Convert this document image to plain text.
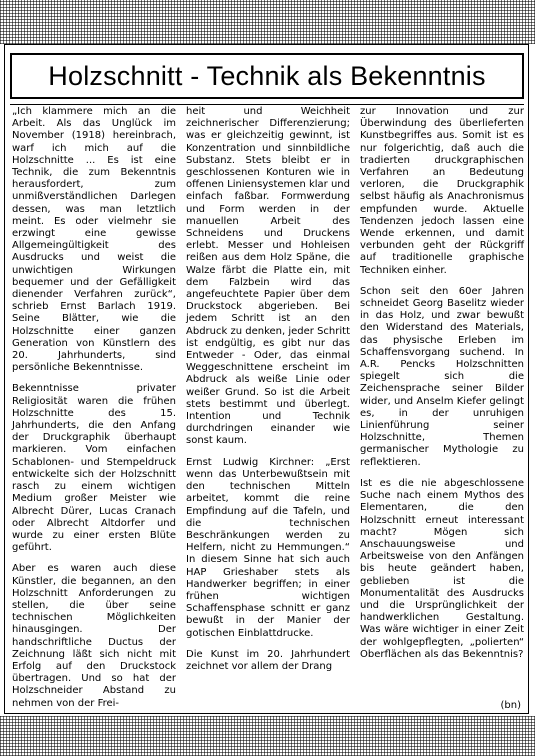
Holzschnitt - Technik als Bekenntnis

„Ich klammere mich an die Arbeit. Als das Unglück im November (1918) hereinbrach, warf ich mich auf die Holzschnitte ... Es ist eine Technik, die zum Bekenntnis herausfordert, zum unmißverständlichen Darlegen dessen, was man letztlich meint. Es oder vielmehr sie erzwingt eine gewisse Allgemeingültigkeit des Ausdrucks und weist die unwichtigen Wirkungen bequemer und der Gefälligkeit dienender Verfahren zurück“, schrieb Ernst Barlach 1919. Seine Blätter, wie die Holzschnitte einer ganzen Generation von Künstlern des 20. Jahrhunderts, sind persönliche Bekenntnisse.

Bekenntnisse privater Religiosität waren die frühen Holzschnitte des 15. Jahrhunderts, die den Anfang der Druckgraphik überhaupt markieren. Vom einfachen Schablonen- und Stempeldruck entwickelte sich der Holzschnitt rasch zu einem wichtigen Medium großer Meister wie Albrecht Dürer, Lucas Cranach oder Albrecht Altdorfer und wurde zu einer ersten Blüte geführt.

Aber es waren auch diese Künstler, die begannen, an den Holzschnitt Anforderungen zu stellen, die über seine technischen Möglichkeiten hinausgingen. Der handschriftliche Ductus der Zeichnung läßt sich nicht mit Erfolg auf den Druckstock übertragen. Und so hat der Holzschneider Abstand zu nehmen von der Frei-

heit und Weichheit zeichnerischer Differenzierung; was er gleichzeitig gewinnt, ist Konzentration und sinnbildliche Substanz. Stets bleibt er in geschlossenen Konturen wie in offenen Liniensystemen klar und einfach faßbar. Formwerdung und Form werden in der manuellen Arbeit des Schneidens und Druckens erlebt. Messer und Hohleisen reißen aus dem Holz Späne, die Walze färbt die Platte ein, mit dem Falzbein wird das angefeuchtete Papier über dem Druckstock abgerieben. Bei jedem Schritt ist an den Abdruck zu denken, jeder Schritt ist endgültig, es gibt nur das Entweder - Oder, das einmal Weggeschnittene erscheint im Abdruck als weiße Linie oder weißer Grund. So ist die Arbeit stets bestimmt und überlegt. Intention und Technik durchdringen einander wie sonst kaum.

Ernst Ludwig Kirchner: „Erst wenn das Unterbewußtsein mit den technischen Mitteln arbeitet, kommt die reine Empfindung auf die Tafeln, und die technischen Beschränkungen werden zu Helfern, nicht zu Hemmungen.“ In diesem Sinne hat sich auch HAP Grieshaber stets als Handwerker begriffen; in einer frühen wichtigen Schaffensphase schnitt er ganz bewußt in der Manier der gotischen Einblattdrucke.

Die Kunst im 20. Jahrhundert zeichnet vor allem der Drang

zur Innovation und zur Überwindung des überlieferten Kunstbegriffes aus. Somit ist es nur folgerichtig, daß auch die tradierten druckgraphischen Verfahren an Bedeutung verloren, die Druckgraphik selbst häufig als Anachronismus empfunden wurde. Aktuelle Tendenzen jedoch lassen eine Wende erkennen, und damit verbunden geht der Rückgriff auf traditionelle graphische Techniken einher.

Schon seit den 60er Jahren schneidet Georg Baselitz wieder in das Holz, und zwar bewußt den Widerstand des Materials, das physische Erleben im Schaffensvorgang suchend. In A.R. Pencks Holzschnitten spiegelt sich die Zeichensprache seiner Bilder wider, und Anselm Kiefer gelingt es, in der unruhigen Linienführung seiner Holzschnitte, Themen germanischer Mythologie zu reflektieren.

Ist es die nie abgeschlossene Suche nach einem Mythos des Elementaren, die den Holzschnitt erneut interessant macht? Mögen sich Anschauungsweise und Arbeitsweise von den Anfängen bis heute geändert haben, geblieben ist die Monumentalität des Ausdrucks und die Ursprünglichkeit der handwerklichen Gestaltung. Was wäre wichtiger in einer Zeit der wohlgepflegten, „polierten“ Oberflächen als das Bekenntnis?

(bn)
